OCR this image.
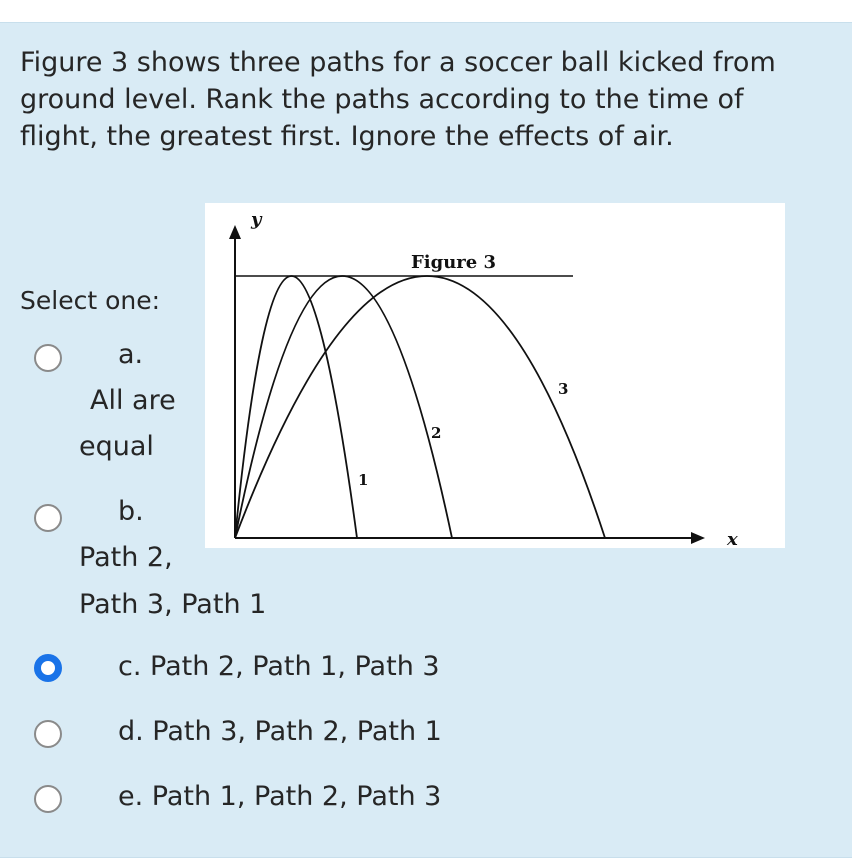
Figure 3 shows three paths for a soccer ball kicked from ground level. Rank the paths according to the time of flight, the greatest first. Ignore the effects of air.

Select one:
y
x
Figure 3
1
2
3

a.

All are

equal

b.

Path 2,

Path 3, Path 1

c. Path 2, Path 1, Path 3

d. Path 3, Path 2, Path 1

e. Path 1, Path 2, Path 3
